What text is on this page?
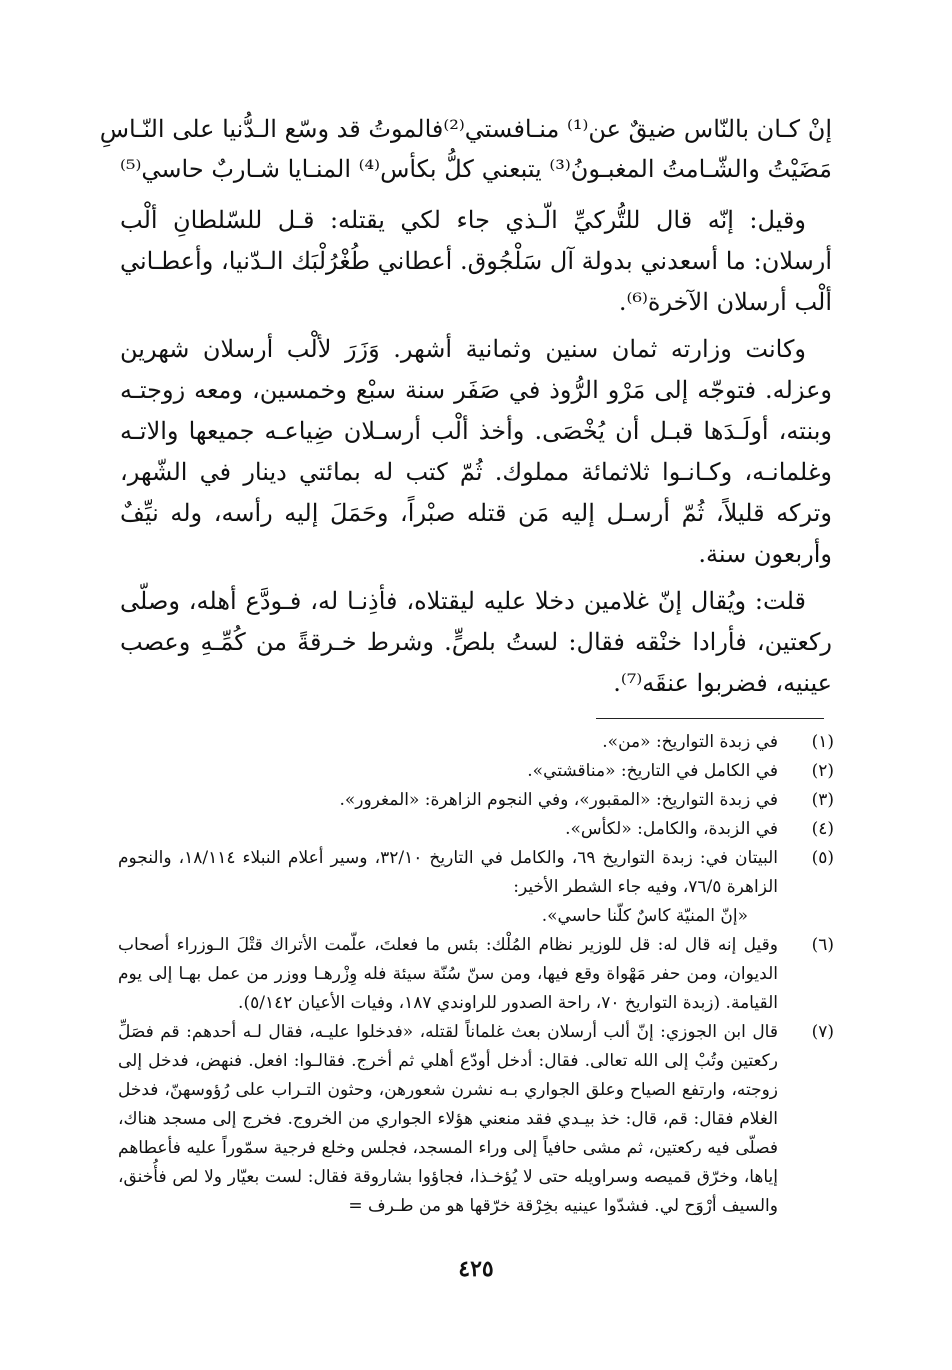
إنْ كـان بالنّاس ضيقٌ عن⁽¹⁾ منـافستي⁽²⁾
فالموتُ قد وسّع الـدُّنيا على النّـاسِ
مَضَيْتُ والشّـامتُ المغبـونُ⁽³⁾ يتبعني
كلُّ بكأس⁽⁴⁾ المنـايا شـاربٌ حاسي⁽⁵⁾

وقيل: إنّه قال للتُّركيِّ الّـذي جاء لكي يقتله: قـل للسّلطانِ ألْب أرسلان: ما أسعدني بدولة آل سَلْجُوق. أعطاني طُغْرُلْبَك الـدّنيا، وأعطـاني ألْب أرسلان الآخرة⁽⁶⁾.

وكانت وزارته ثمان سنين وثمانية أشهر. وَزَرَ لألْب أرسلان شهرين وعزله. فتوجّه إلى مَرْو الرُّوذ في صَفَر سنة سبْع وخمسين، ومعه زوجتـه وبنته، أولَـدَها قبـل أن يُخْصَى. وأخذ ألْب أرسـلان ضِياعـه جميعها والاتـه وغلمانـه، وكـانـوا ثلاثمائة مملوك. ثُمّ كتب له بمائتي دينار في الشّهر، وتركه قليلاً، ثُمّ أرسـل إليه مَن قتله صبْراً، وحَمَلَ إليه رأسه، وله نيِّفٌ وأربعون سنة.

قلت: ويُقال إنّ غلامين دخلا عليه ليقتلاه، فأذِنـا له، فـودَّع أهله، وصلّى ركعتين، فأرادا خنْقه فقال: لستُ بلصٍّ. وشرط خـرقةً من كُمِّـهِ وعصب عينيه، فضربوا عنقَه⁽⁷⁾.

(١)
في زبدة التواريخ: «من».
(٢)
في الكامل في التاريخ: «مناقشتي».
(٣)
في زبدة التواريخ: «المقبور»، وفي النجوم الزاهرة: «المغرور».
(٤)
في الزبدة، والكامل: «لكأس».
(٥)
البيتان في: زبدة التواريخ ٦٩، والكامل في التاريخ ٣٢/١٠، وسير أعلام النبلاء ١٨/١١٤، والنجوم الزاهرة ٧٦/٥، وفيه جاء الشطر الأخير:
«إنّ المنيّة كاسٌ كلّنا حاسي».
(٦)
وقيل إنه قال له: قل للوزير نظام المُلْك: بئس ما فعلتَ، علّمت الأتراك قتْلَ الـوزراء أصحاب الديوان، ومن حفر مَهْواة وقع فيها، ومن سنّ سُنّة سيئة فله وِزْرهـا ووزر من عمل بهـا إلى يوم القيامة. (زبدة التواريخ ٧٠، راحة الصدور للراوندي ١٨٧، وفيات الأعيان ٥/١٤٢).
(٧)
قال ابن الجوزي: إنّ ألب أرسلان بعث غلماناً لقتله، «فدخلوا عليـه، فقال لـه أحدهم: قم فصَلِّ ركعتين وتُبْ إلى الله تعالى. فقال: أدخل أودّع أهلي ثم أخرج. فقالـوا: افعل. فنهض، فدخل إلى زوجته، وارتفع الصياح وعلق الجواري بـه نشرن شعورهن، وحثون التـراب على رُؤوسهنّ، فدخل الغلام فقال: قم، قال: خذ بيـدي فقد منعني هؤلاء الجواري من الخروج. فخرج إلى مسجد هناك، فصلّى فيه ركعتين، ثم مشى حافياً إلى وراء المسجد، فجلس وخلع فرجية سمّوراً عليه فأعطاهم إياها، وخرّق قميصه وسراويله حتى لا يُؤخـذا، فجاؤوا بشاروقة فقال: لست بعيّار ولا لص فأُخنق، والسيف أرْوَح لي. فشدّوا عينيه بخِرْقة خرّقها هو من طـرف =
٤٢٥
